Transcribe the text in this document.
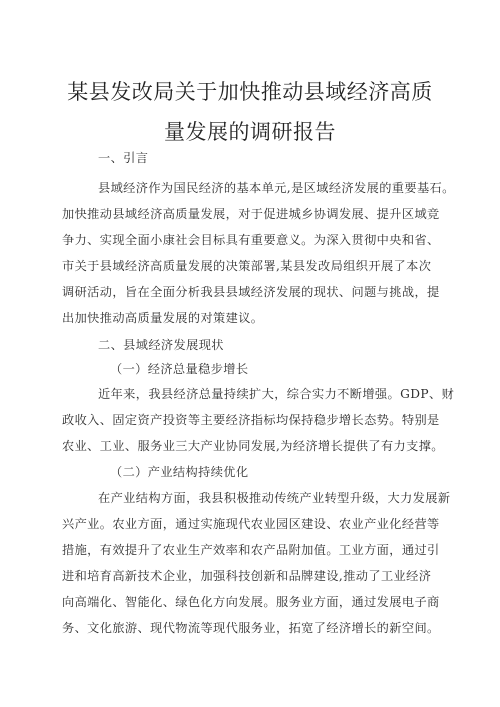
某县发改局关于加快推动县域经济高质
量发展的调研报告
一、引言
县域经济作为国民经济的基本单元,是区域经济发展的重要基石。
加快推动县域经济高质量发展，对于促进城乡协调发展、提升区域竞
争力、实现全面小康社会目标具有重要意义。为深入贯彻中央和省、
市关于县域经济高质量发展的决策部署,某县发改局组织开展了本次
调研活动，旨在全面分析我县县域经济发展的现状、问题与挑战，提
出加快推动高质量发展的对策建议。
二、县域经济发展现状
（一）经济总量稳步增长
近年来，我县经济总量持续扩大，综合实力不断增强。GDP、财
政收入、固定资产投资等主要经济指标均保持稳步增长态势。特别是
农业、工业、服务业三大产业协同发展,为经济增长提供了有力支撑。
（二）产业结构持续优化
在产业结构方面，我县积极推动传统产业转型升级，大力发展新
兴产业。农业方面，通过实施现代农业园区建设、农业产业化经营等
措施，有效提升了农业生产效率和农产品附加值。工业方面，通过引
进和培育高新技术企业，加强科技创新和品牌建设,推动了工业经济
向高端化、智能化、绿色化方向发展。服务业方面，通过发展电子商
务、文化旅游、现代物流等现代服务业，拓宽了经济增长的新空间。
